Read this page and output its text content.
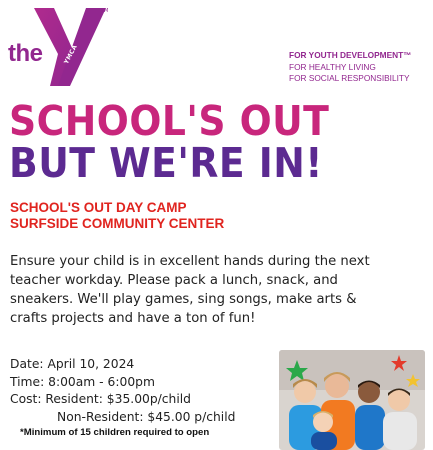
the
TM
YMCA	FOR YOUTH DEVELOPMENT™
FOR HEALTHY LIVING
FOR SOCIAL RESPONSIBILITY
SCHOOL'S OUT
BUT WE'RE IN!
SCHOOL'S OUT DAY CAMP
SURFSIDE COMMUNITY CENTER
Ensure your child is in excellent hands during the next
teacher workday. Please pack a lunch, snack, and
sneakers. We'll play games, sing songs, make arts &
crafts projects and have a ton of fun!
Date: April 10, 2024
Time: 8:00am - 6:00pm
Cost: Resident: $35.00p/child
Non-Resident: $45.00 p/child
*Minimum of 15 children required to open
